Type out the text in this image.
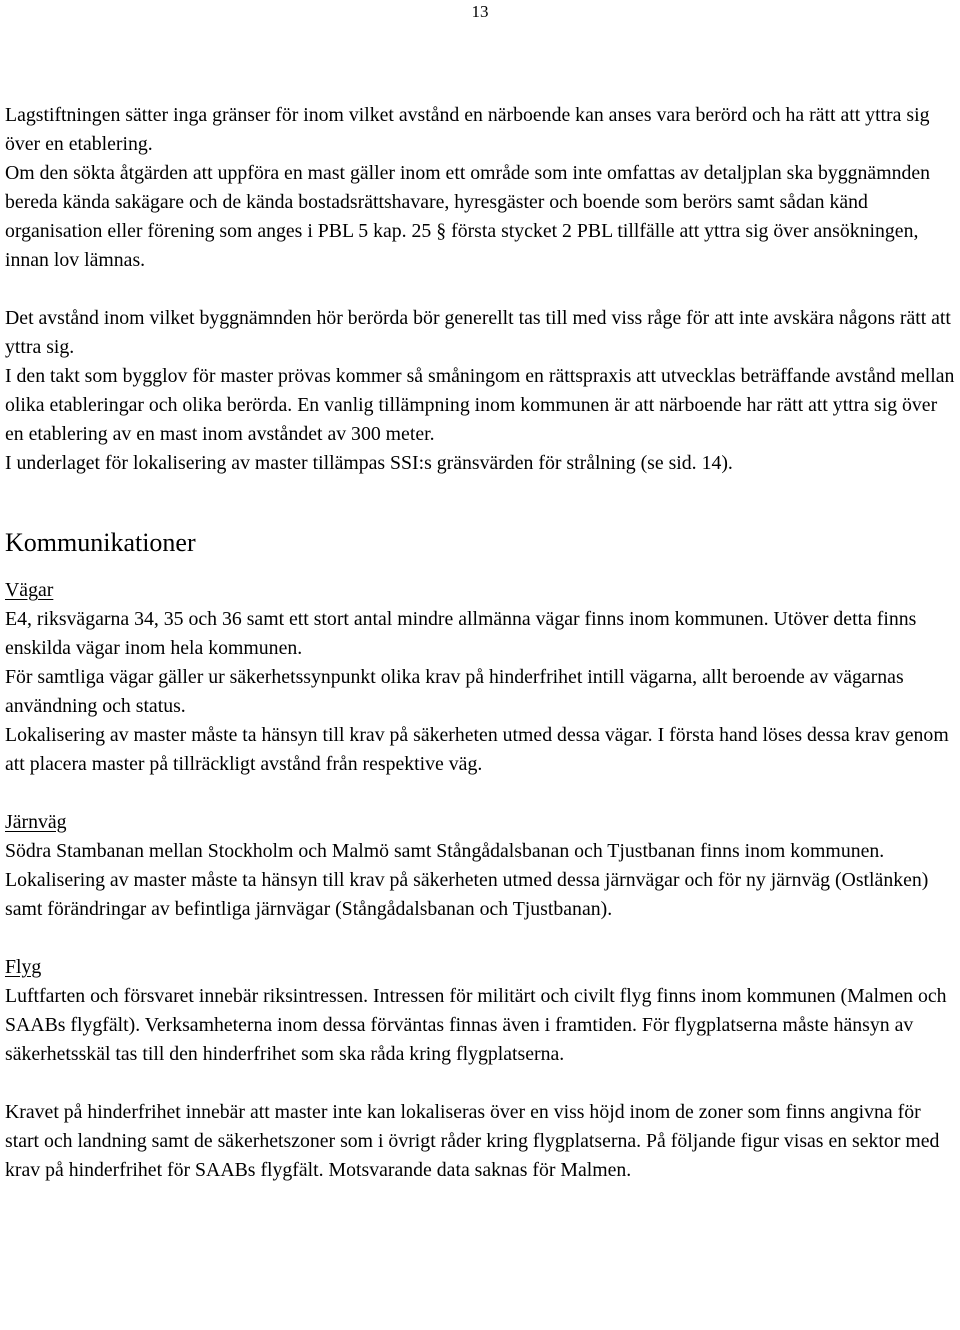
13

Lagstiftningen sätter inga gränser för inom vilket avstånd en närboende kan anses vara berörd och ha rätt att yttra sig över en etablering.

Om den sökta åtgärden att uppföra en mast gäller inom ett område som inte omfattas av detaljplan ska byggnämnden bereda kända sakägare och de kända bostadsrättshavare, hyresgäster och boende som berörs samt sådan känd organisation eller förening som anges i PBL 5 kap. 25 § första stycket 2 PBL tillfälle att yttra sig över ansökningen, innan lov lämnas.

Det avstånd inom vilket byggnämnden hör berörda bör generellt tas till med viss råge för att inte avskära någons rätt att yttra sig.

I den takt som bygglov för master prövas kommer så småningom en rättspraxis att utvecklas beträffande avstånd mellan olika etableringar och olika berörda. En vanlig tillämpning inom kommunen är att närboende har rätt att yttra sig över en etablering av en mast inom avståndet av 300 meter.

I underlaget för lokalisering av master tillämpas SSI:s gränsvärden för strålning (se sid. 14).

Kommunikationer

Vägar

E4, riksvägarna 34, 35 och 36 samt ett stort antal mindre allmänna vägar finns inom kommunen. Utöver detta finns enskilda vägar inom hela kommunen.

För samtliga vägar gäller ur säkerhetssynpunkt olika krav på hinderfrihet intill vägarna, allt beroende av vägarnas användning och status.

Lokalisering av master måste ta hänsyn till krav på säkerheten utmed dessa vägar. I första hand löses dessa krav genom att placera master på tillräckligt avstånd från respektive väg.

Järnväg

Södra Stambanan mellan Stockholm och Malmö samt Stångådalsbanan och Tjustbanan finns inom kommunen. Lokalisering av master måste ta hänsyn till krav på säkerheten utmed dessa järnvägar och för ny järnväg (Ostlänken) samt förändringar av befintliga järnvägar (Stångådalsbanan och Tjustbanan).

Flyg

Luftfarten och försvaret innebär riksintressen. Intressen för militärt och civilt flyg finns inom kommunen (Malmen och SAABs flygfält). Verksamheterna inom dessa förväntas finnas även i framtiden. För flygplatserna måste hänsyn av säkerhetsskäl tas till den hinderfrihet som ska råda kring flygplatserna.

Kravet på hinderfrihet innebär att master inte kan lokaliseras över en viss höjd inom de zoner som finns angivna för start och landning samt de säkerhetszoner som i övrigt råder kring flygplatserna. På följande figur visas en sektor med krav på hinderfrihet för SAABs flygfält. Motsvarande data saknas för Malmen.
